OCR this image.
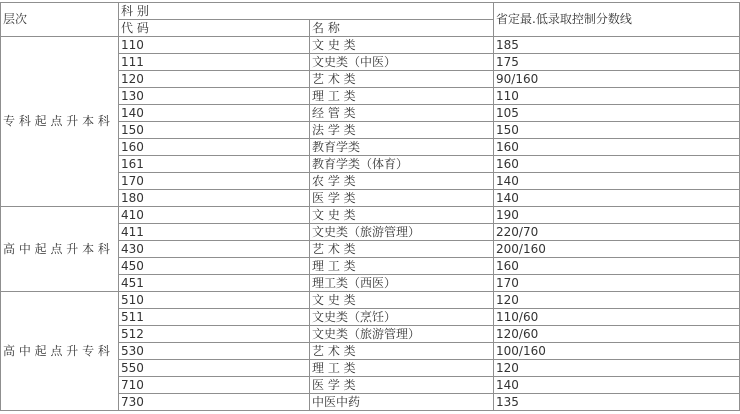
层次	科 别		省定最.低录取控制分数线
	代 码	名 称	
专 科 起 点 升 本 科	110	文 史 类	185
	111	文史类（中医）	175
	120	艺 术 类	90/160
	130	理 工 类	110
	140	经 管 类	105
	150	法 学 类	150
	160	教育学类	160
	161	教育学类（体育）	160
	170	农 学 类	140
	180	医 学 类	140
高 中 起 点 升 本 科	410	文 史 类	190
	411	文史类（旅游管理）	220/70
	430	艺 术 类	200/160
	450	理 工 类	160
	451	理工类（西医）	170
高 中 起 点 升 专 科	510	文 史 类	120
	511	文史类（烹饪）	110/60
	512	文史类（旅游管理）	120/60
	530	艺 术 类	100/160
	550	理 工 类	120
	710	医 学 类	140
	730	中医中药	135
